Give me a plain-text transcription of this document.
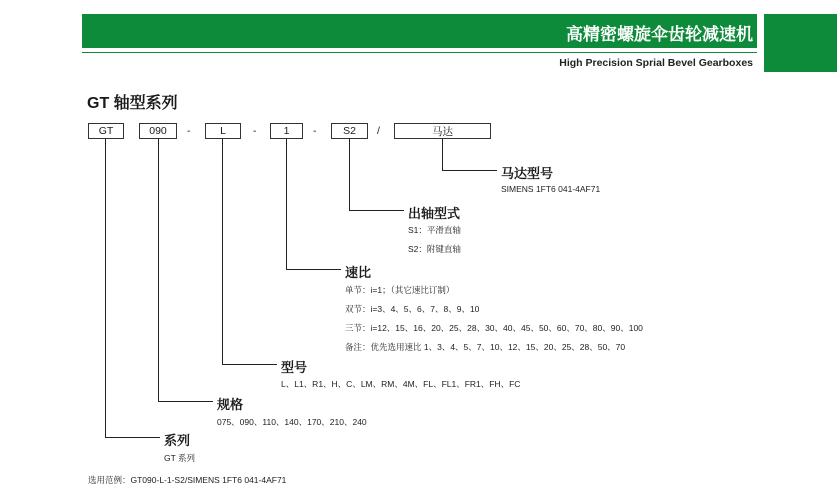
高精密螺旋伞齿轮减速机
High Precision Sprial Bevel Gearboxes
GT 轴型系列
GT	090	-	L	-	1	-	S2	/	马达
马达型号
SIMENS 1FT6 041-4AF71
出轴型式
S1：平滑直轴
S2：附键直轴
速比
单节：i=1；（其它速比订制）
双节：i=3、4、5、6、7、8、9、10
三节：i=12、15、16、20、25、28、30、40、45、50、60、70、80、90、100
备注：优先选用速比 1、3、4、5、7、10、12、15、20、25、28、50、70
型号
L、L1、R1、H、C、LM、RM、4M、FL、FL1、FR1、FH、FC
规格
075、090、110、140、170、210、240
系列
GT 系列
选用范例：GT090-L-1-S2/SIMENS 1FT6 041-4AF71
